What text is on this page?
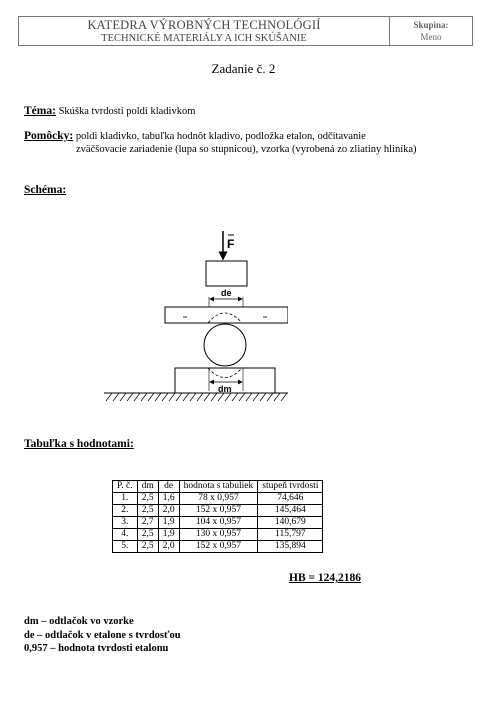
KATEDRA VÝROBNÝCH TECHNOLÓGIÍ
TECHNICKÉ MATERIÁLY A ICH SKÚŠANIE
Skupina:
Meno
Zadanie č. 2
Téma: Skúška tvrdosti poldi kladivkom
Pomôcky: poldi kladivko, tabuľka hodnôt kladivo, podložka etalon, odčítavanie
zväčšovacie zariadenie (lupa so stupnicou), vzorka (vyrobená zo zliatiny hliníka)
Schéma:
F
de
dm
Tabuľka s hodnotami:
P. č.	dm	de	hodnota s tabuliek	stupeň tvrdosti
1.	2,5	1,6	78 x 0,957	74,646
2.	2,5	2,0	152 x 0,957	145,464
3.	2,7	1,9	104 x 0,957	140,679
4.	2,5	1,9	130 x 0,957	115,797
5.	2,5	2,0	152 x 0,957	135,894
HB = 124,2186
dm – odtlačok vo vzorke
de – odtlačok v etalone s tvrdosťou
0,957 – hodnota tvrdosti etalonu
